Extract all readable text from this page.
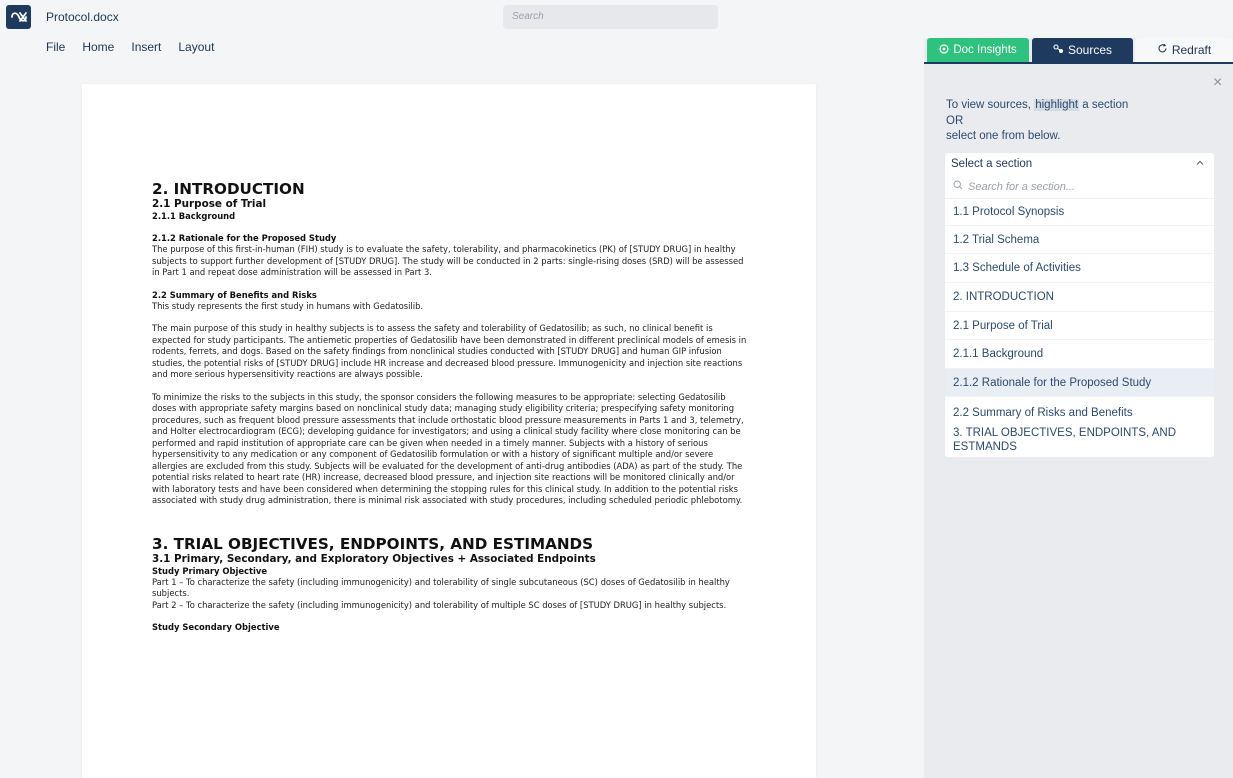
Protocol.docx	Search
File Home Insert Layout
2. INTRODUCTION
2.1 Purpose of Trial
2.1.1 Background
2.1.2 Rationale for the Proposed Study

The purpose of this first-in-human (FIH) study is to evaluate the safety, tolerability, and pharmacokinetics (PK) of [STUDY DRUG] in healthy subjects to support further development of [STUDY DRUG]. The study will be conducted in 2 parts: single-rising doses (SRD) will be assessed in Part 1 and repeat dose administration will be assessed in Part 3.

2.2 Summary of Benefits and Risks

This study represents the first study in humans with Gedatosilib.

The main purpose of this study in healthy subjects is to assess the safety and tolerability of Gedatosilib; as such, no clinical benefit is expected for study participants. The antiemetic properties of Gedatosilib have been demonstrated in different preclinical models of emesis in rodents, ferrets, and dogs. Based on the safety findings from nonclinical studies conducted with [STUDY DRUG] and human GIP infusion studies, the potential risks of [STUDY DRUG] include HR increase and decreased blood pressure. Immunogenicity and injection site reactions and more serious hypersensitivity reactions are always possible.

To minimize the risks to the subjects in this study, the sponsor considers the following measures to be appropriate: selecting Gedatosilib doses with appropriate safety margins based on nonclinical study data; managing study eligibility criteria; prespecifying safety monitoring procedures, such as frequent blood pressure assessments that include orthostatic blood pressure measurements in Parts 1 and 3, telemetry, and Holter electrocardiogram (ECG); developing guidance for investigators; and using a clinical study facility where close monitoring can be performed and rapid institution of appropriate care can be given when needed in a timely manner. Subjects with a history of serious hypersensitivity to any medication or any component of Gedatosilib formulation or with a history of significant multiple and/or severe allergies are excluded from this study. Subjects will be evaluated for the development of anti-drug antibodies (ADA) as part of the study. The potential risks related to heart rate (HR) increase, decreased blood pressure, and injection site reactions will be monitored clinically and/or with laboratory tests and have been considered when determining the stopping rules for this clinical study. In addition to the potential risks associated with study drug administration, there is minimal risk associated with study procedures, including scheduled periodic phlebotomy.

3. TRIAL OBJECTIVES, ENDPOINTS, AND ESTIMANDS
3.1 Primary, Secondary, and Exploratory Objectives + Associated Endpoints
Study Primary Objective

Part 1 – To characterize the safety (including immunogenicity) and tolerability of single subcutaneous (SC) doses of Gedatosilib in healthy subjects.

Part 2 – To characterize the safety (including immunogenicity) and tolerability of multiple SC doses of [STUDY DRUG] in healthy subjects.

Study Secondary Objective
Doc Insights	Sources	Redraft
×
To view sources, highlight a section
OR
select one from below.
Select a section
Search for a section...
1.1 Protocol Synopsis
1.2 Trial Schema
1.3 Schedule of Activities
2. INTRODUCTION
2.1 Purpose of Trial
2.1.1 Background
2.1.2 Rationale for the Proposed Study
2.2 Summary of Risks and Benefits
3. TRIAL OBJECTIVES, ENDPOINTS, AND ESTMANDS
